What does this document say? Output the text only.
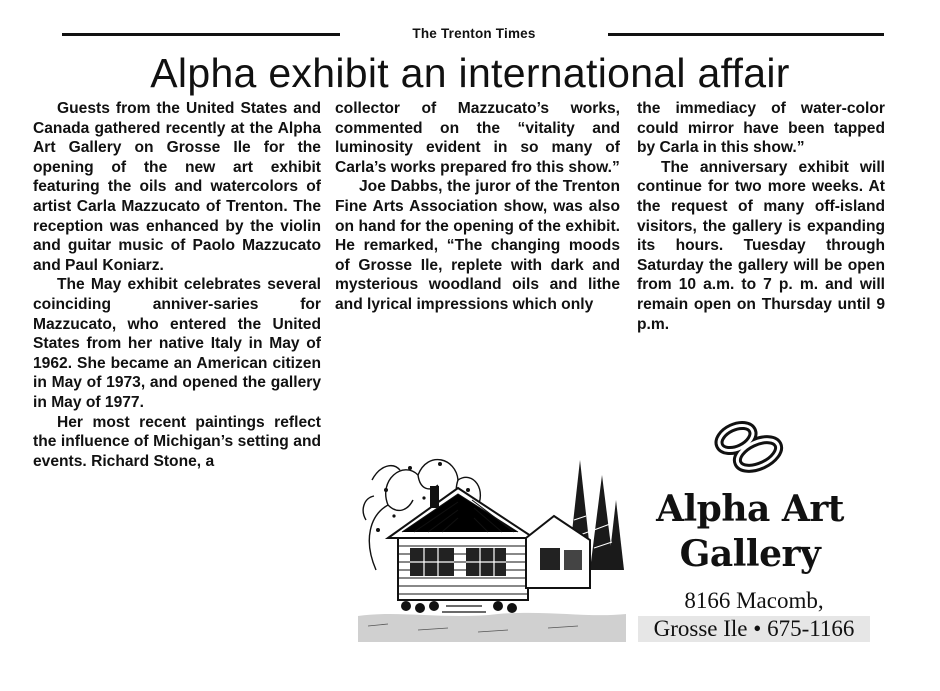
The Trenton Times
Alpha exhibit an international affair

Guests from the United States and Canada gathered recently at the Alpha Art Gallery on Grosse Ile for the opening of the new art exhibit featuring the oils and watercolors of artist Carla Mazzucato of Trenton. The reception was enhanced by the violin and guitar music of Paolo Mazzucato and Paul Koniarz.

The May exhibit celebrates several coinciding anniver-saries for Mazzucato, who entered the United States from her native Italy in May of 1962. She became an American citizen in May of 1973, and opened the gallery in May of 1977.

Her most recent paintings reflect the influence of Michigan’s setting and events. Richard Stone, a

collector of Mazzucato’s works, commented on the “vitality and luminosity evident in so many of Carla’s works prepared fro this show.”

Joe Dabbs, the juror of the Trenton Fine Arts Association show, was also on hand for the opening of the exhibit. He remarked, “The changing moods of Grosse Ile, replete with dark and mysterious woodland oils and lithe and lyrical impressions which only

the immediacy of water-color could mirror have been tapped by Carla in this show.”

The anniversary exhibit will continue for two more weeks. At the request of many off-island visitors, the gallery is expanding its hours. Tuesday through Saturday the gallery will be open from 10 a.m. to 7 p. m. and will remain open on Thursday until 9 p.m.

Alpha Art
Gallery
8166 Macomb,
Grosse Ile • 675-1166
